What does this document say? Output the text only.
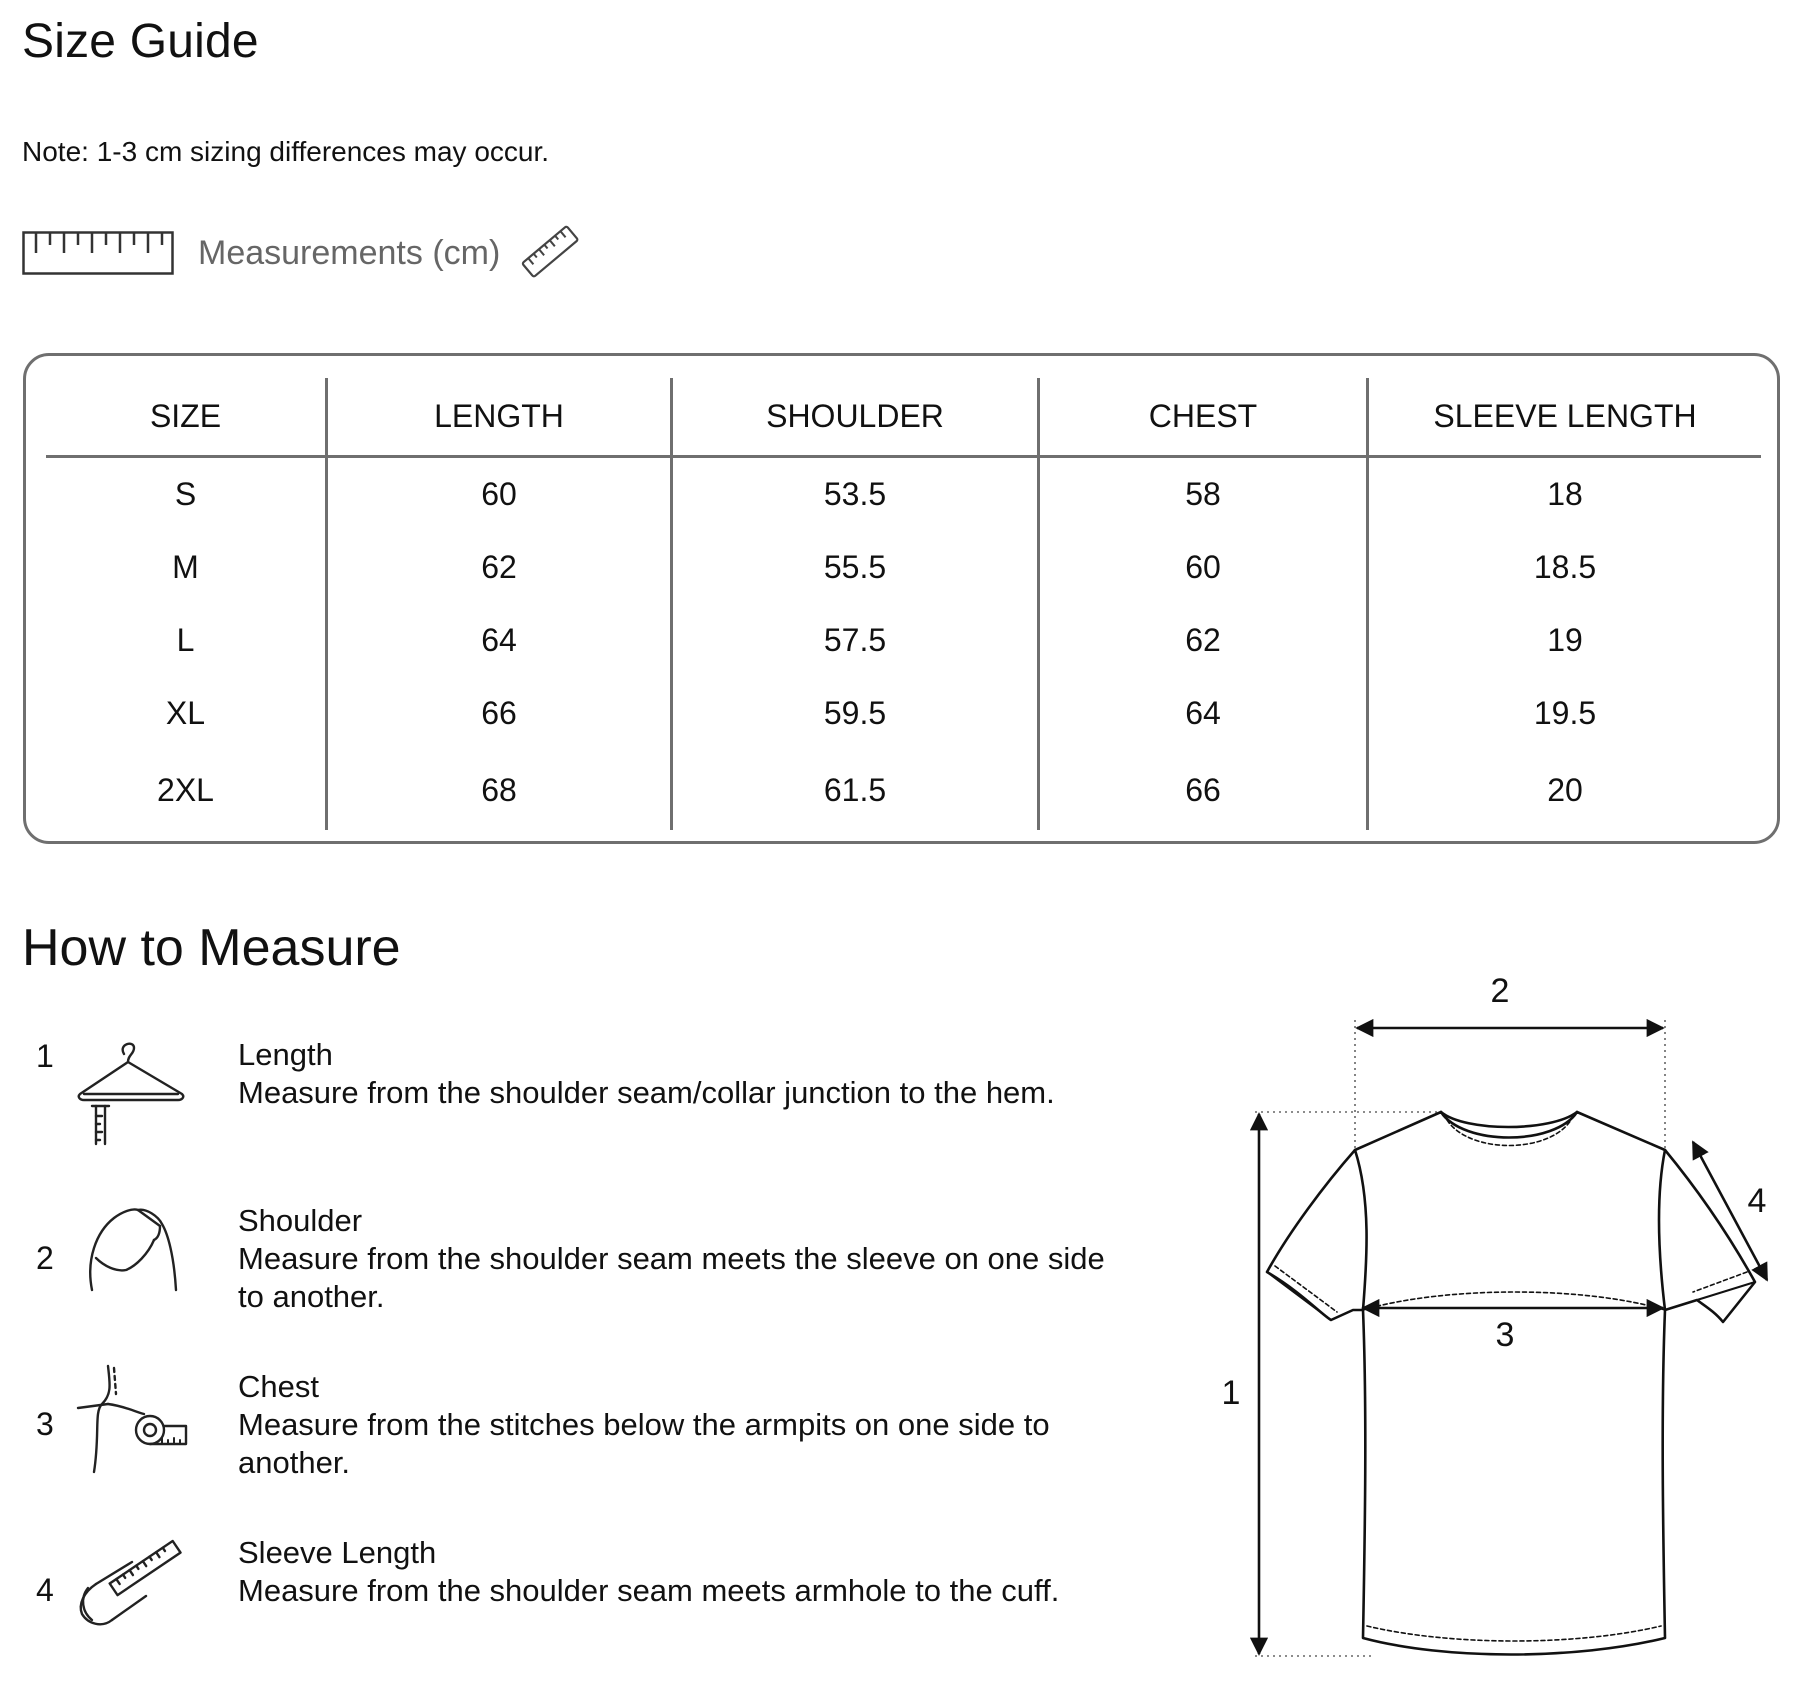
Size Guide
Note: 1-3 cm sizing differences may occur.
Measurements (cm)
SIZE	LENGTH	SHOULDER	CHEST	SLEEVE LENGTH
S	60	53.5	58	18
M	62	55.5	60	18.5
L	64	57.5	62	19
XL	66	59.5	64	19.5
2XL	68	61.5	66	20
How to Measure
1	Length
Measure from the shoulder seam/collar junction to the hem.
2
Shoulder
Measure from the shoulder seam meets the sleeve on one side to another.
3
Chest
Measure from the stitches below the armpits on one side to another.
4
Sleeve Length
Measure from the shoulder seam meets armhole to the cuff.
2
1
3
4
